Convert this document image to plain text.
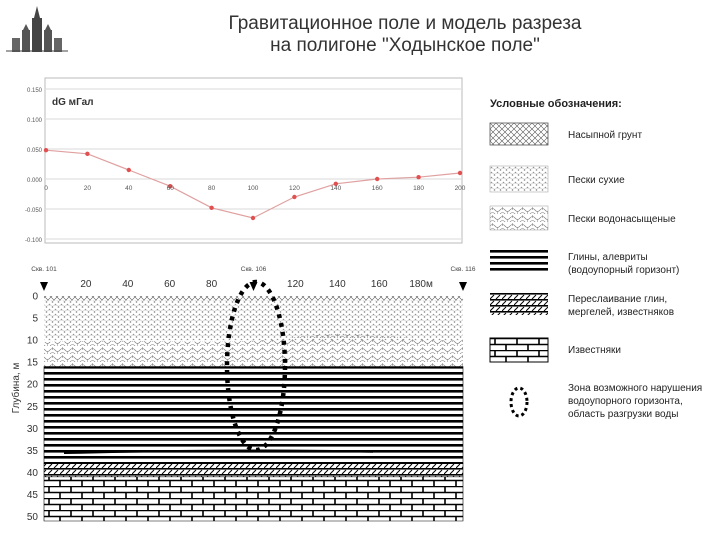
Гравитационное поле и модель разреза
на полигоне "Ходынское поле"
0.150
0.100
0.050
0.000
-0.050
-0.100
dG мГал
0	20	40	60	80	100	120	140	160	180	200
Скв. 101	Скв. 106	Скв. 116
20	40	60	80	120	140	160 180м
0
5
10
15
20
25
30
35
40
45
50
Глубина, м
Условные обозначения:
Насыпной грунт
Пески сухие
Пески водонасыщеные
Глины, алевриты
(водоупорный горизонт)
Переслаивание глин,
мергелей, известняков
Известняки
Зона возможного нарушения
водоупорного горизонта,
область разгрузки воды
